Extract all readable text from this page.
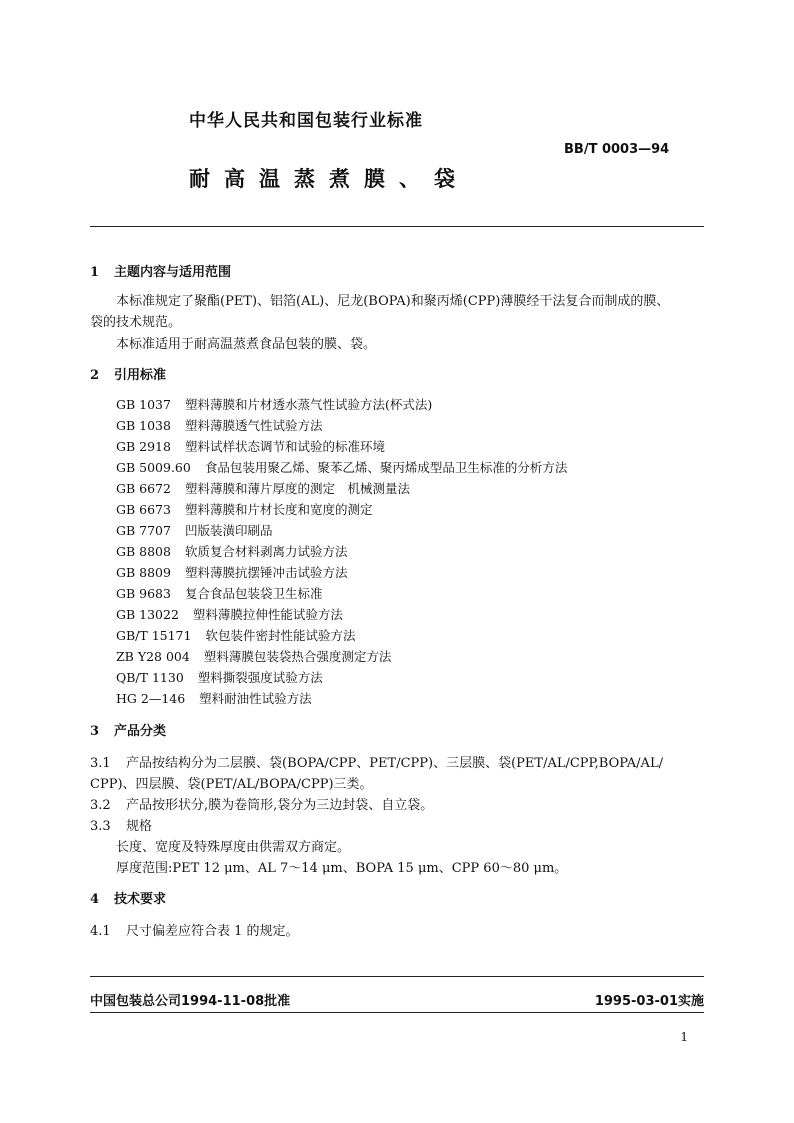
中华人民共和国包装行业标准
BB/T 0003—94
耐高温蒸煮膜、袋
1 主题内容与适用范围
本标准规定了聚酯(PET)、铝箔(AL)、尼龙(BOPA)和聚丙烯(CPP)薄膜经干法复合而制成的膜、
袋的技术规范。
本标准适用于耐高温蒸煮食品包装的膜、袋。
2 引用标准
GB 1037 塑料薄膜和片材透水蒸气性试验方法(杯式法)
GB 1038 塑料薄膜透气性试验方法
GB 2918 塑料试样状态调节和试验的标准环境
GB 5009.60 食品包装用聚乙烯、聚苯乙烯、聚丙烯成型品卫生标准的分析方法
GB 6672 塑料薄膜和薄片厚度的测定　机械测量法
GB 6673 塑料薄膜和片材长度和宽度的测定
GB 7707 凹版装潢印刷品
GB 8808 软质复合材料剥离力试验方法
GB 8809 塑料薄膜抗摆锤冲击试验方法
GB 9683 复合食品包装袋卫生标准
GB 13022 塑料薄膜拉伸性能试验方法
GB/T 15171 软包装件密封性能试验方法
ZB Y28 004 塑料薄膜包装袋热合强度测定方法
QB/T 1130 塑料撕裂强度试验方法
HG 2—146 塑料耐油性试验方法
3 产品分类
3.1 产品按结构分为二层膜、袋(BOPA/CPP、PET/CPP)、三层膜、袋(PET/AL/CPP,BOPA/AL/
CPP)、四层膜、袋(PET/AL/BOPA/CPP)三类。
3.2 产品按形状分,膜为卷筒形,袋分为三边封袋、自立袋。
3.3 规格
长度、宽度及特殊厚度由供需双方商定。
厚度范围:PET 12 μm、AL 7～14 μm、BOPA 15 μm、CPP 60～80 μm。
4 技术要求
4.1 尺寸偏差应符合表 1 的规定。
中国包装总公司1994-11-08批准	1995-03-01实施
1
